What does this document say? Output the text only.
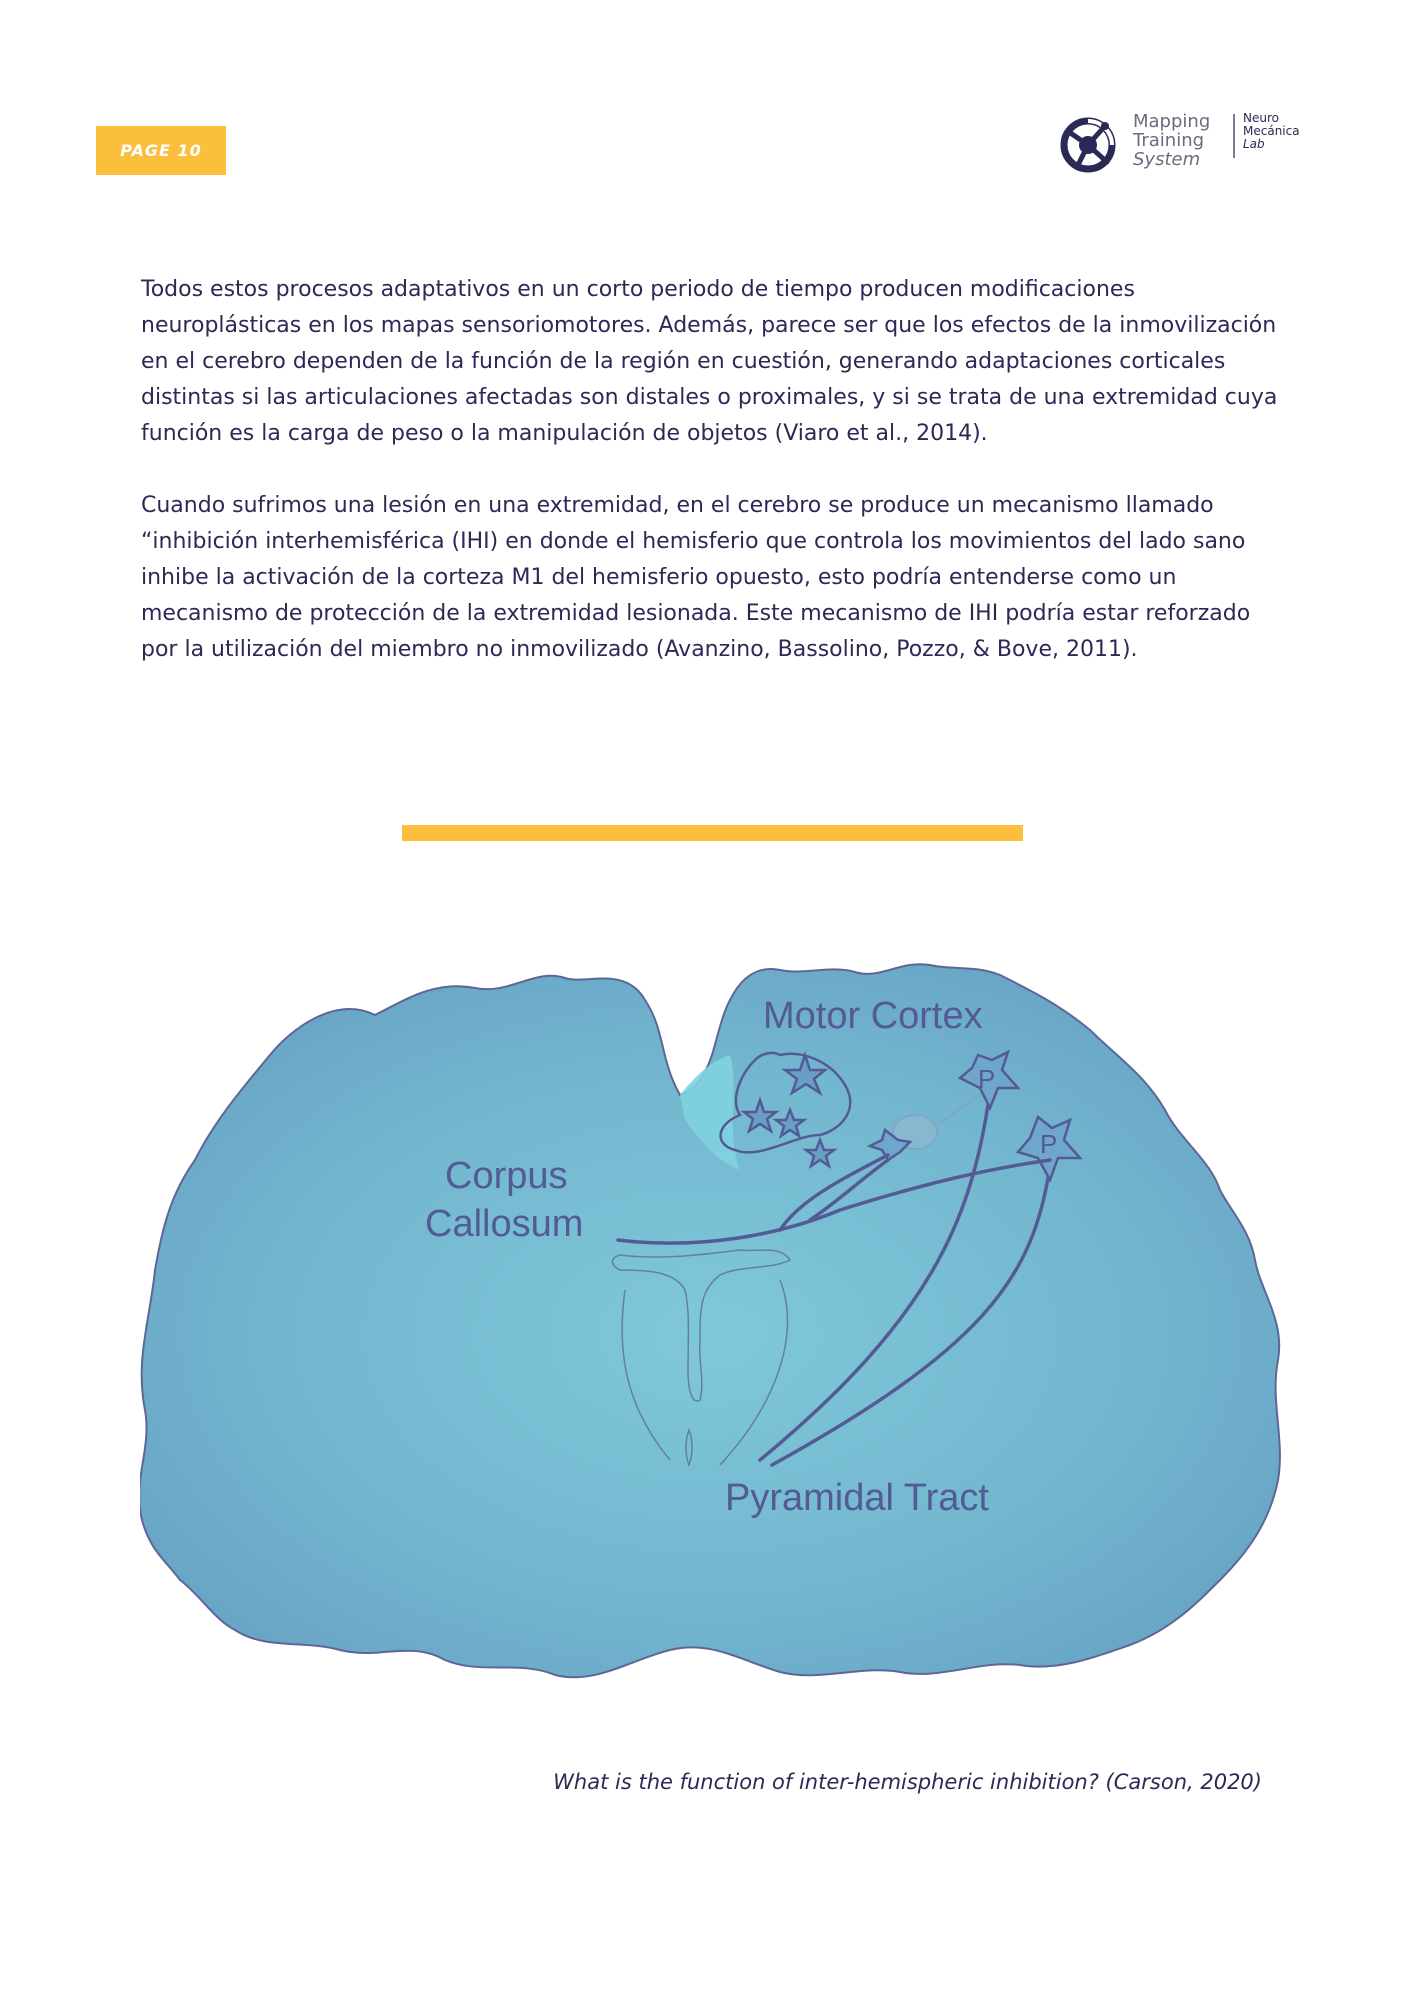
PAGE 10
Mapping
Training
System
Neuro
Mecánica
Lab

Todos estos procesos adaptativos en un corto periodo de tiempo producen modificaciones neuroplásticas en los mapas sensoriomotores. Además, parece ser que los efectos de la inmovilización en el cerebro dependen de la función de la región en cuestión, generando adaptaciones corticales distintas si las articulaciones afectadas son distales o proximales, y si se trata de una extremidad cuya función es la carga de peso o la manipulación de objetos (Viaro et al., 2014).

Cuando sufrimos una lesión en una extremidad, en el cerebro se produce un mecanismo llamado “inhibición interhemisférica (IHI) en donde el hemisferio que controla los movimientos del lado sano inhibe la activación de la corteza M1 del hemisferio opuesto, esto podría entenderse como un mecanismo de protección de la extremidad lesionada. Este mecanismo de IHI podría estar reforzado por la utilización del miembro no inmovilizado (Avanzino, Bassolino, Pozzo, & Bove, 2011).

Motor Cortex
Corpus
Callosum
Pyramidal Tract
P
P
What is the function of inter-hemispheric inhibition? (Carson, 2020)
